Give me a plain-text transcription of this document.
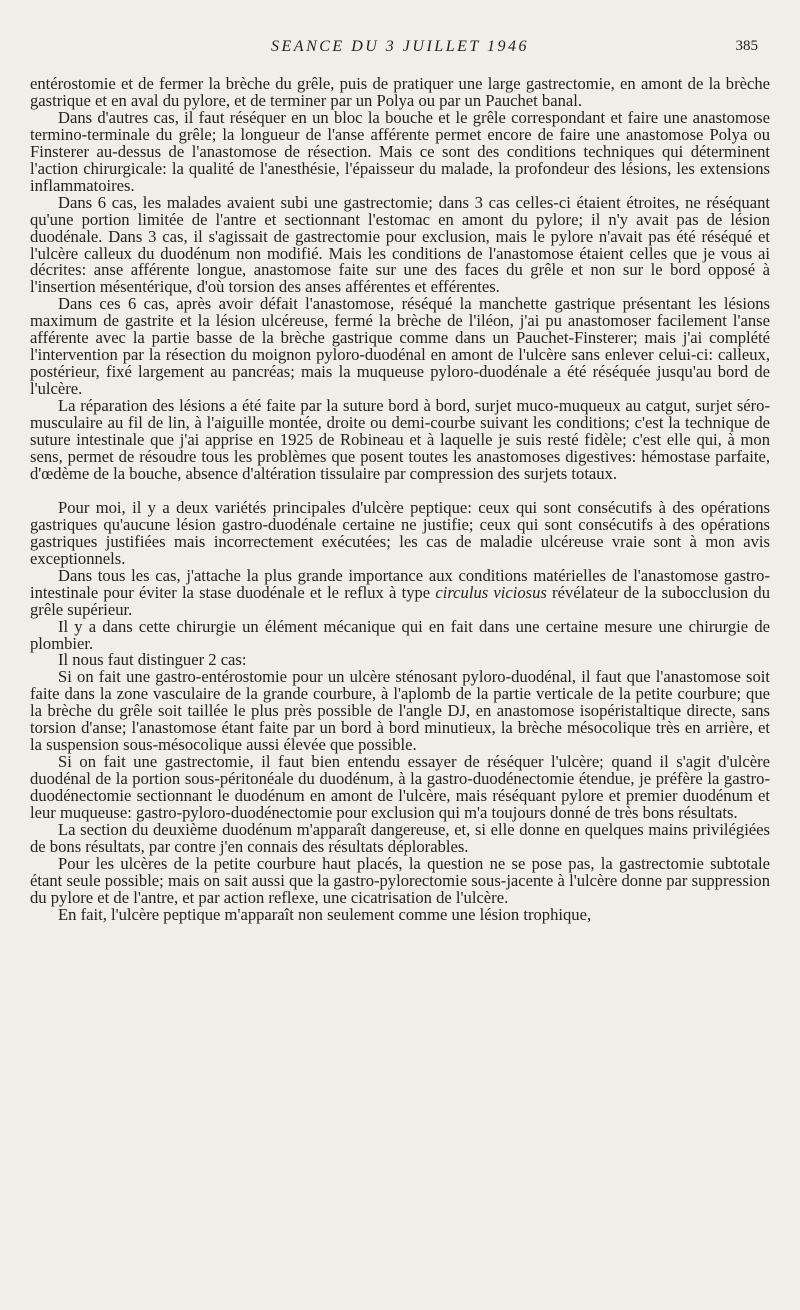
SEANCE DU 3 JUILLET 1946	385

entérostomie et de fermer la brèche du grêle, puis de pratiquer une large gastrectomie, en amont de la brèche gastrique et en aval du pylore, et de terminer par un Polya ou par un Pauchet banal.

Dans d'autres cas, il faut réséquer en un bloc la bouche et le grêle correspondant et faire une anastomose termino-terminale du grêle; la longueur de l'anse afférente permet encore de faire une anastomose Polya ou Finsterer au-dessus de l'anastomose de résection. Mais ce sont des conditions techniques qui déterminent l'action chirurgicale: la qualité de l'anesthésie, l'épaisseur du malade, la profondeur des lésions, les extensions inflammatoires.

Dans 6 cas, les malades avaient subi une gastrectomie; dans 3 cas celles-ci étaient étroites, ne réséquant qu'une portion limitée de l'antre et sectionnant l'estomac en amont du pylore; il n'y avait pas de lésion duodénale. Dans 3 cas, il s'agissait de gastrectomie pour exclusion, mais le pylore n'avait pas été réséqué et l'ulcère calleux du duodénum non modifié. Mais les conditions de l'anastomose étaient celles que je vous ai décrites: anse afférente longue, anastomose faite sur une des faces du grêle et non sur le bord opposé à l'insertion mésentérique, d'où torsion des anses afférentes et efférentes.

Dans ces 6 cas, après avoir défait l'anastomose, réséqué la manchette gastrique présentant les lésions maximum de gastrite et la lésion ulcéreuse, fermé la brèche de l'iléon, j'ai pu anastomoser facilement l'anse afférente avec la partie basse de la brèche gastrique comme dans un Pauchet-Finsterer; mais j'ai complété l'intervention par la résection du moignon pyloro-duodénal en amont de l'ulcère sans enlever celui-ci: calleux, postérieur, fixé largement au pancréas; mais la muqueuse pyloro-duodénale a été réséquée jusqu'au bord de l'ulcère.

La réparation des lésions a été faite par la suture bord à bord, surjet muco-muqueux au catgut, surjet séro-musculaire au fil de lin, à l'aiguille montée, droite ou demi-courbe suivant les conditions; c'est la technique de suture intestinale que j'ai apprise en 1925 de Robineau et à laquelle je suis resté fidèle; c'est elle qui, à mon sens, permet de résoudre tous les problèmes que posent toutes les anastomoses digestives: hémostase parfaite, d'œdème de la bouche, absence d'altération tissulaire par compression des surjets totaux.

Pour moi, il y a deux variétés principales d'ulcère peptique: ceux qui sont consécutifs à des opérations gastriques qu'aucune lésion gastro-duodénale certaine ne justifie; ceux qui sont consécutifs à des opérations gastriques justifiées mais incorrectement exécutées; les cas de maladie ulcéreuse vraie sont à mon avis exceptionnels.

Dans tous les cas, j'attache la plus grande importance aux conditions matérielles de l'anastomose gastro-intestinale pour éviter la stase duodénale et le reflux à type circulus viciosus révélateur de la subocclusion du grêle supérieur.

Il y a dans cette chirurgie un élément mécanique qui en fait dans une certaine mesure une chirurgie de plombier.

Il nous faut distinguer 2 cas:

Si on fait une gastro-entérostomie pour un ulcère sténosant pyloro-duodénal, il faut que l'anastomose soit faite dans la zone vasculaire de la grande courbure, à l'aplomb de la partie verticale de la petite courbure; que la brèche du grêle soit taillée le plus près possible de l'angle DJ, en anastomose isopéristaltique directe, sans torsion d'anse; l'anastomose étant faite par un bord à bord minutieux, la brèche mésocolique très en arrière, et la suspension sous-mésocolique aussi élevée que possible.

Si on fait une gastrectomie, il faut bien entendu essayer de réséquer l'ulcère; quand il s'agit d'ulcère duodénal de la portion sous-péritonéale du duodénum, à la gastro-duodénectomie étendue, je préfère la gastro-duodénectomie sectionnant le duodénum en amont de l'ulcère, mais réséquant pylore et premier duodénum et leur muqueuse: gastro-pyloro-duodénectomie pour exclusion qui m'a toujours donné de très bons résultats.

La section du deuxième duodénum m'apparaît dangereuse, et, si elle donne en quelques mains privilégiées de bons résultats, par contre j'en connais des résultats déplorables.

Pour les ulcères de la petite courbure haut placés, la question ne se pose pas, la gastrectomie subtotale étant seule possible; mais on sait aussi que la gastro-pylorectomie sous-jacente à l'ulcère donne par suppression du pylore et de l'antre, et par action reflexe, une cicatrisation de l'ulcère.

En fait, l'ulcère peptique m'apparaît non seulement comme une lésion trophique,
